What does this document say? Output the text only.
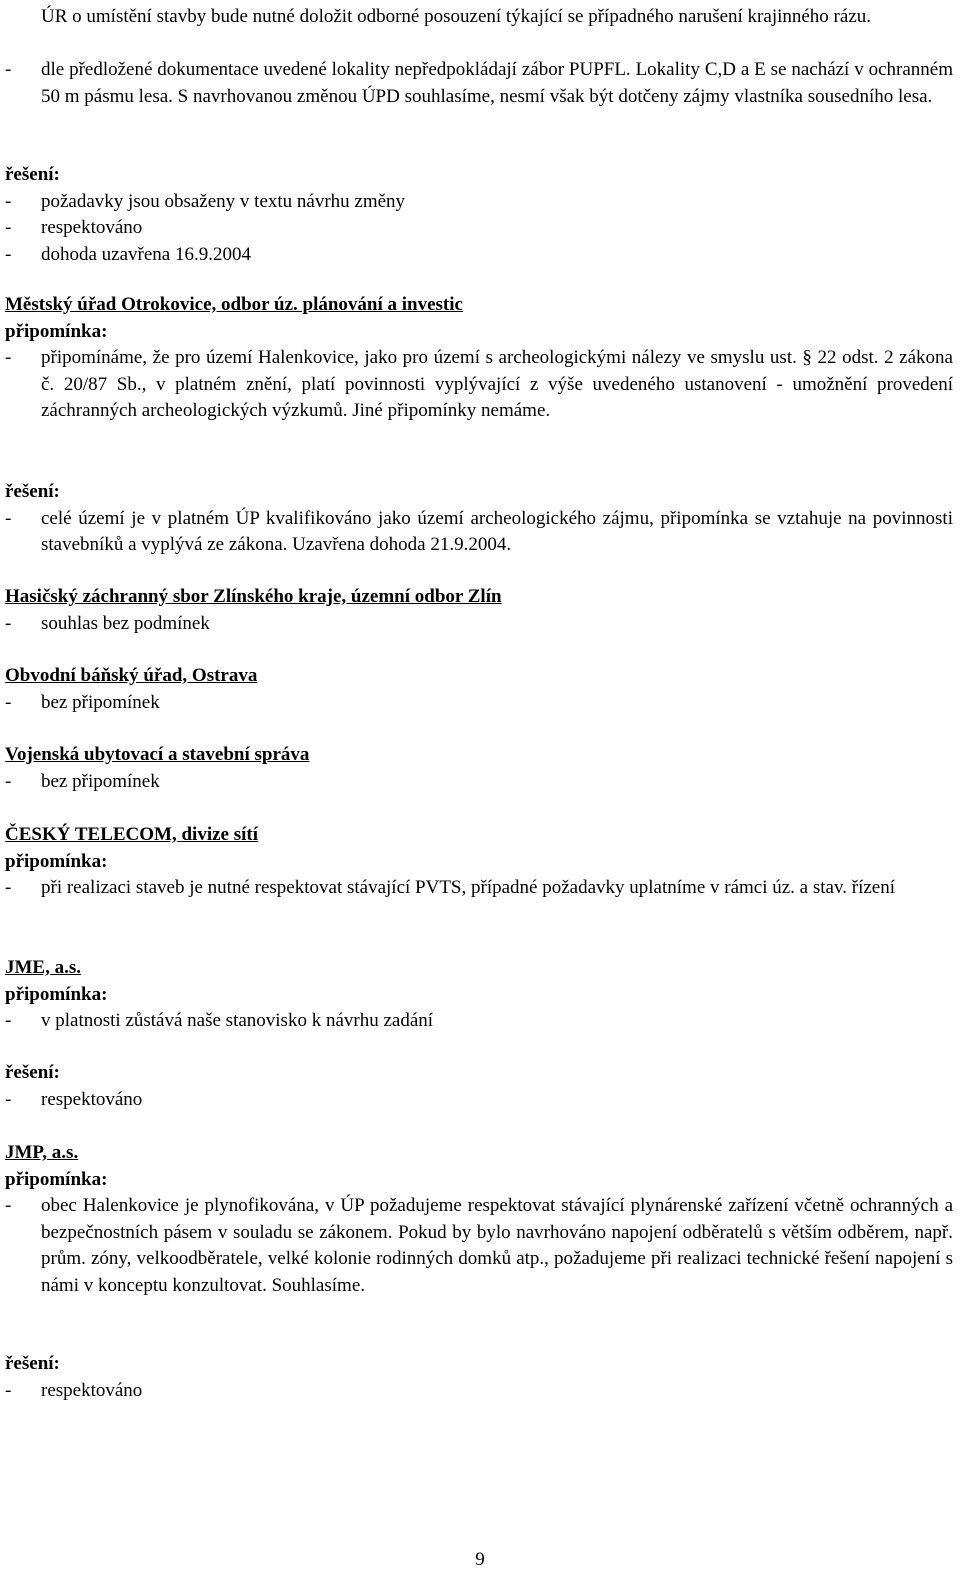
ÚR o umístění stavby bude nutné doložit odborné posouzení týkající se případného narušení krajinného rázu.
-	dle předložené dokumentace uvedené lokality nepředpokládají zábor PUPFL. Lokality C,D a E se nachází v ochranném 50 m pásmu lesa. S navrhovanou změnou ÚPD souhlasíme, nesmí však být dotčeny zájmy vlastníka sousedního lesa.
řešení:
-	požadavky jsou obsaženy v textu návrhu změny
-	respektováno
-	dohoda uzavřena 16.9.2004
Městský úřad Otrokovice, odbor úz. plánování a investic
připomínka:
-	připomínáme, že pro území Halenkovice, jako pro území s archeologickými nálezy ve smyslu ust. § 22 odst. 2 zákona č. 20/87 Sb., v platném znění, platí povinnosti vyplývající z výše uvedeného ustanovení - umožnění provedení záchranných archeologických výzkumů. Jiné připomínky nemáme.
řešení:
-	celé území je v platném ÚP kvalifikováno jako území archeologického zájmu, připomínka se vztahuje na povinnosti stavebníků a vyplývá ze zákona. Uzavřena dohoda 21.9.2004.
Hasičský záchranný sbor Zlínského kraje, územní odbor Zlín
-	souhlas bez podmínek
Obvodní báňský úřad, Ostrava
-	bez připomínek
Vojenská ubytovací a stavební správa
-	bez připomínek
ČESKÝ TELECOM, divize sítí
připomínka:
-	při realizaci staveb je nutné respektovat stávající PVTS, případné požadavky uplatníme v rámci úz. a stav. řízení
JME, a.s.
připomínka:
-	v platnosti zůstává naše stanovisko k návrhu zadání
řešení:
-	respektováno
JMP, a.s.
připomínka:
-	obec Halenkovice je plynofikována, v ÚP požadujeme respektovat stávající plynárenské zařízení včetně ochranných a bezpečnostních pásem v souladu se zákonem. Pokud by bylo navrhováno napojení odběratelů s větším odběrem, např. prům. zóny, velkoodběratele, velké kolonie rodinných domků atp., požadujeme při realizaci technické řešení napojení s námi v konceptu konzultovat. Souhlasíme.
řešení:
-	respektováno
9
